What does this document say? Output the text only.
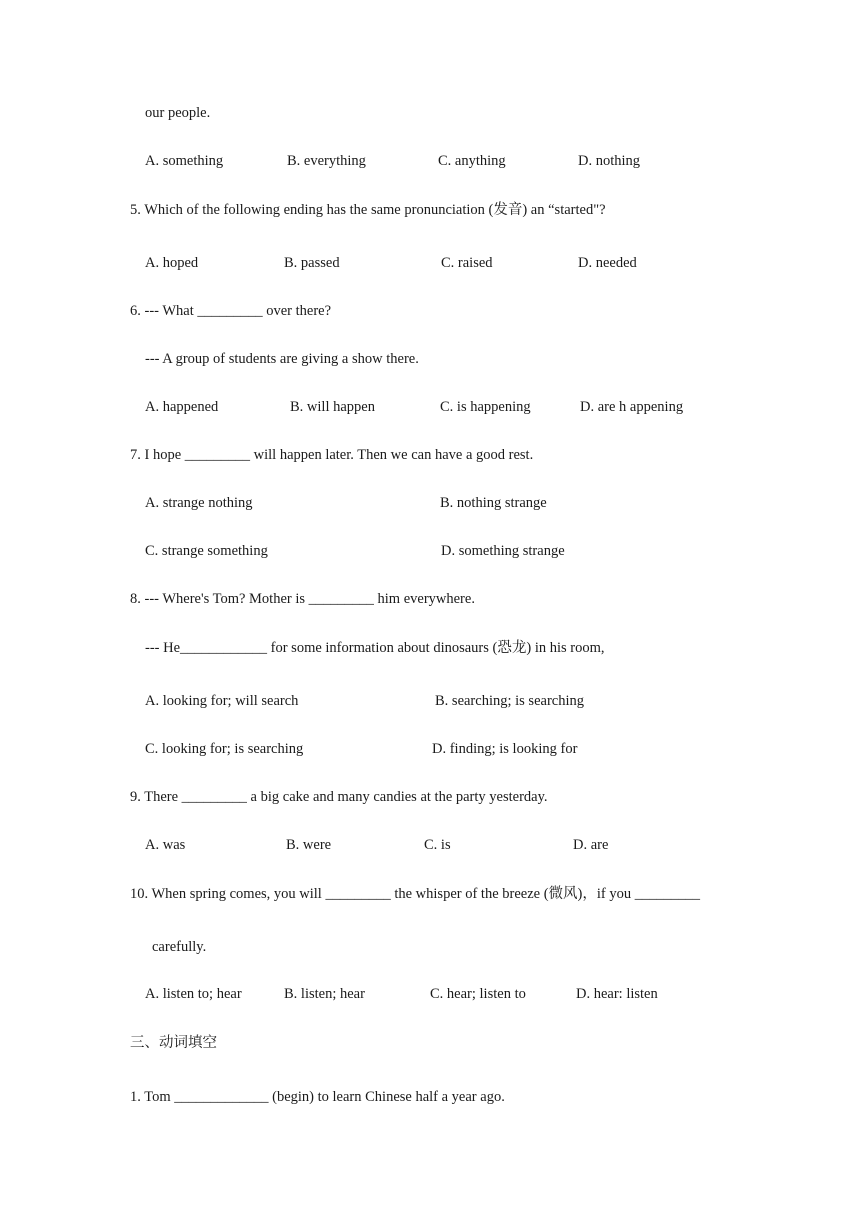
our people.
A. something	B. everything	C. anything	D. nothing
5. Which of the following ending has the same pronunciation (发音) an “started"?
A. hoped	B. passed	C. raised	D. needed
6. --- What _________ over there?
--- A group of students are giving a show there.
A. happened	B. will happen	C. is happening	D. are h appening
7. I hope _________ will happen later. Then we can have a good rest.
A. strange nothing	B. nothing strange
C. strange something	D. something strange
8. --- Where's Tom? Mother is _________ him everywhere.
--- He____________ for some information about dinosaurs (恐龙) in his room,
A. looking for; will search	B. searching; is searching
C. looking for; is searching	D. finding; is looking for
9. There _________ a big cake and many candies at the party yesterday.
A. was	B. were	C. is	D. are
10. When spring comes, you will _________ the whisper of the breeze (微风)，if you _________
carefully.
A. listen to; hear	B. listen; hear	C. hear; listen to	D. hear: listen
三、动词填空
1. Tom _____________ (begin) to learn Chinese half a year ago.
